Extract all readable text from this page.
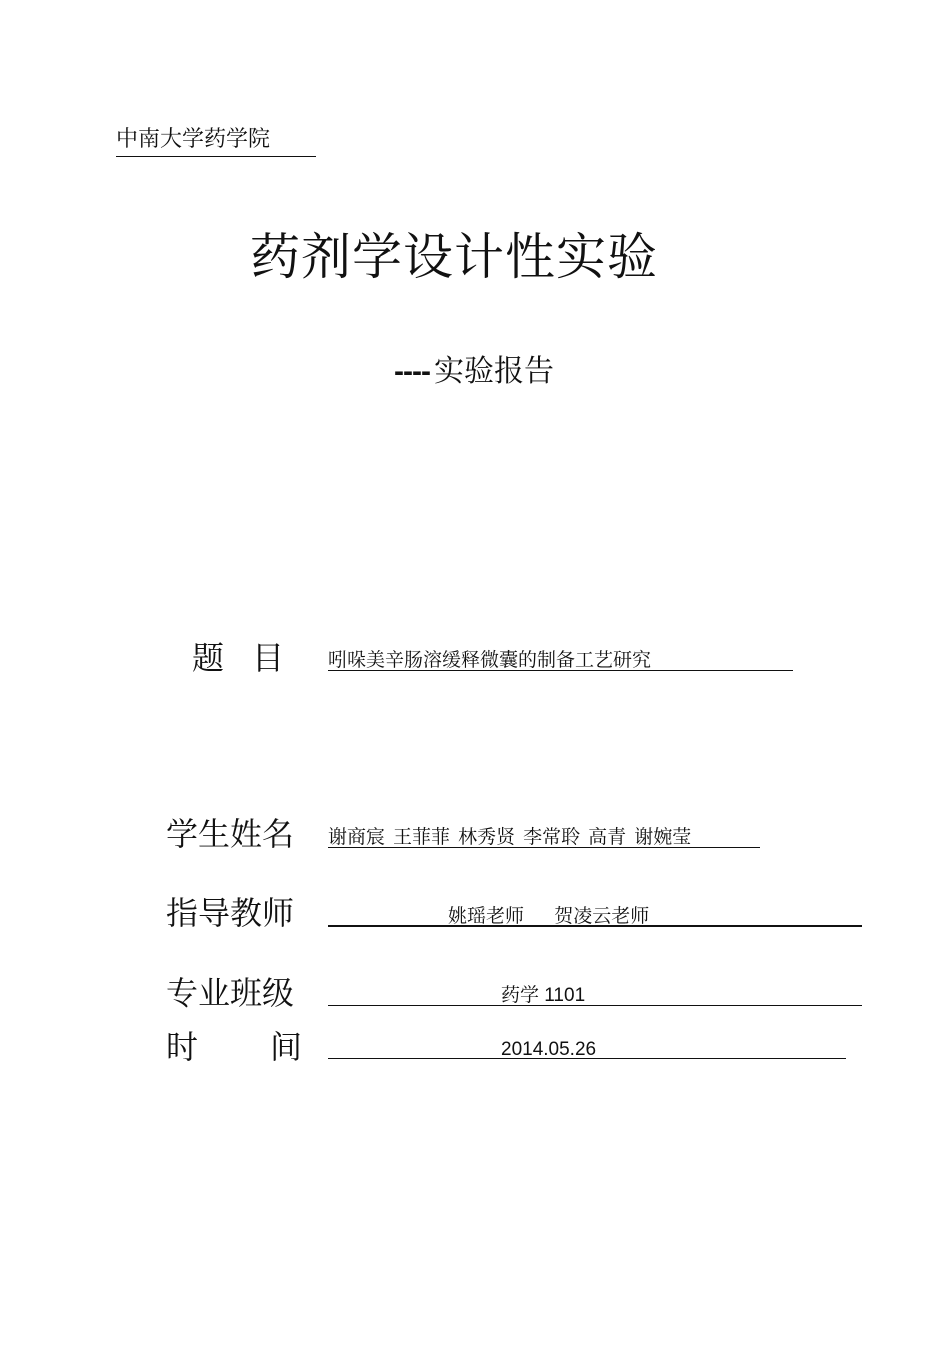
中南大学药学院
药剂学设计性实验
---- 实验报告
题 目 吲哚美辛肠溶缓释微囊的制备工艺研究
学生姓名 谢商宸 王菲菲 林秀贤 李常聆 高青 谢婉莹
指导教师	姚瑶老师     贺凌云老师
专业班级	药学 1101
时 间	2014.05.26
